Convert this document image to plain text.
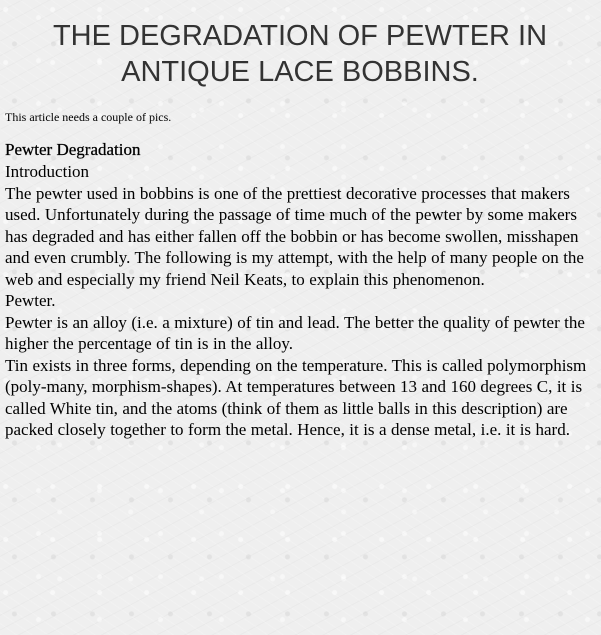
THE DEGRADATION OF PEWTER IN ANTIQUE LACE BOBBINS.
This article needs a couple of pics.
Pewter Degradation

Introduction

The pewter used in bobbins is one of the prettiest decorative processes that makers used. Unfortunately during the passage of time much of the pewter by some makers has degraded and has either fallen off the bobbin or has become swollen, misshapen and even crumbly. The following is my attempt, with the help of many people on the web and especially my friend Neil Keats, to explain this phenomenon.

Pewter.

Pewter is an alloy (i.e. a mixture) of tin and lead. The better the quality of pewter the higher the percentage of tin is in the alloy.

Tin exists in three forms, depending on the temperature. This is called polymorphism (poly-many, morphism-shapes). At temperatures between 13 and 160 degrees C, it is called White tin, and the atoms (think of them as little balls in this description) are packed closely together to form the metal. Hence, it is a dense metal, i.e. it is hard.
